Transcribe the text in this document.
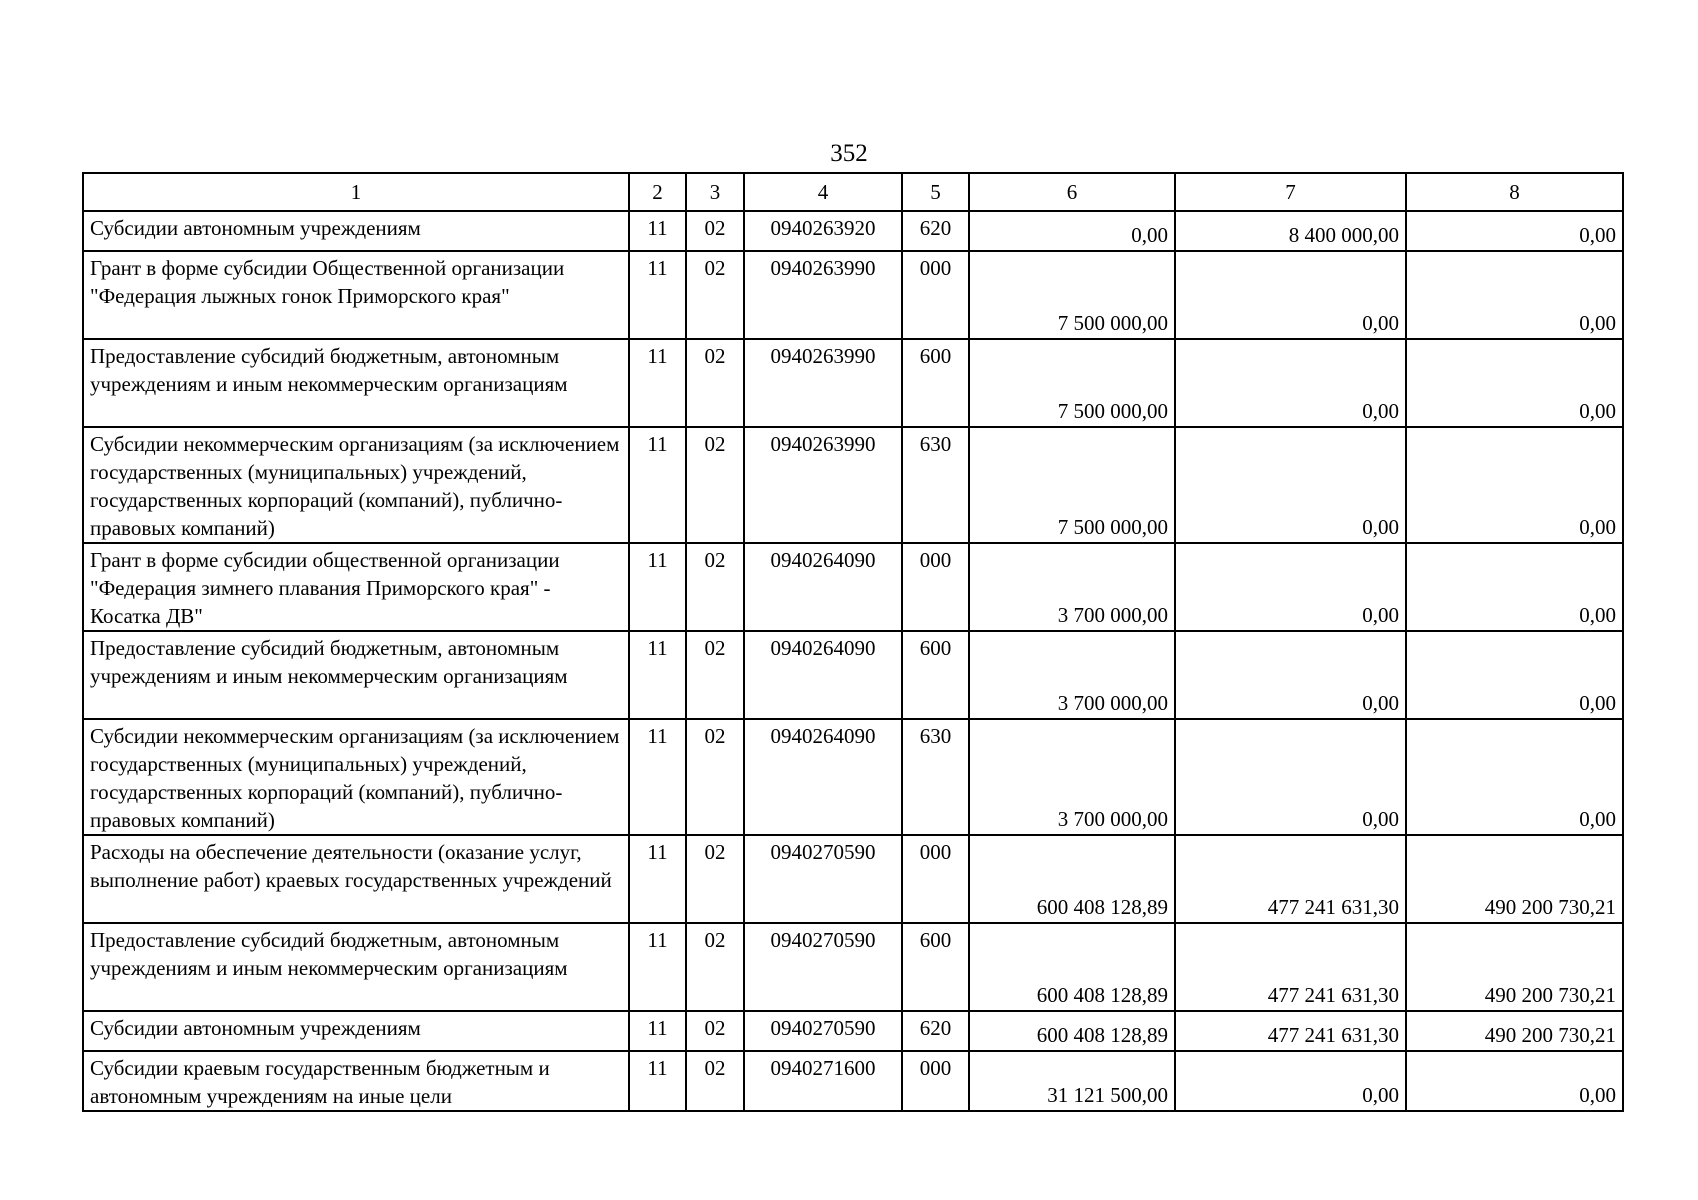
352
1	2	3	4	5	6	7	8
Субсидии автономным учреждениям	11	02	0940263920	620	0,00	8 400 000,00	0,00
Грант в форме субсидии Общественной организации "Федерация лыжных гонок Приморского края"	11	02	0940263990	000	7 500 000,00	0,00	0,00
Предоставление субсидий бюджетным, автономным учреждениям и иным некоммерческим организациям	11	02	0940263990	600	7 500 000,00	0,00	0,00
Субсидии некоммерческим организациям (за исключением государственных (муниципальных) учреждений, государственных корпораций (компаний), публично-правовых компаний)	11	02	0940263990	630	7 500 000,00	0,00	0,00
Грант в форме субсидии общественной организации "Федерация зимнего плавания Приморского края" - Косатка ДВ"	11	02	0940264090	000	3 700 000,00	0,00	0,00
Предоставление субсидий бюджетным, автономным учреждениям и иным некоммерческим организациям	11	02	0940264090	600	3 700 000,00	0,00	0,00
Субсидии некоммерческим организациям (за исключением государственных (муниципальных) учреждений, государственных корпораций (компаний), публично-правовых компаний)	11	02	0940264090	630	3 700 000,00	0,00	0,00
Расходы на обеспечение деятельности (оказание услуг, выполнение работ) краевых государственных учреждений	11	02	0940270590	000	600 408 128,89	477 241 631,30	490 200 730,21
Предоставление субсидий бюджетным, автономным учреждениям и иным некоммерческим организациям	11	02	0940270590	600	600 408 128,89	477 241 631,30	490 200 730,21
Субсидии автономным учреждениям	11	02	0940270590	620	600 408 128,89	477 241 631,30	490 200 730,21
Субсидии краевым государственным бюджетным и автономным учреждениям на иные цели	11	02	0940271600	000	31 121 500,00	0,00	0,00
